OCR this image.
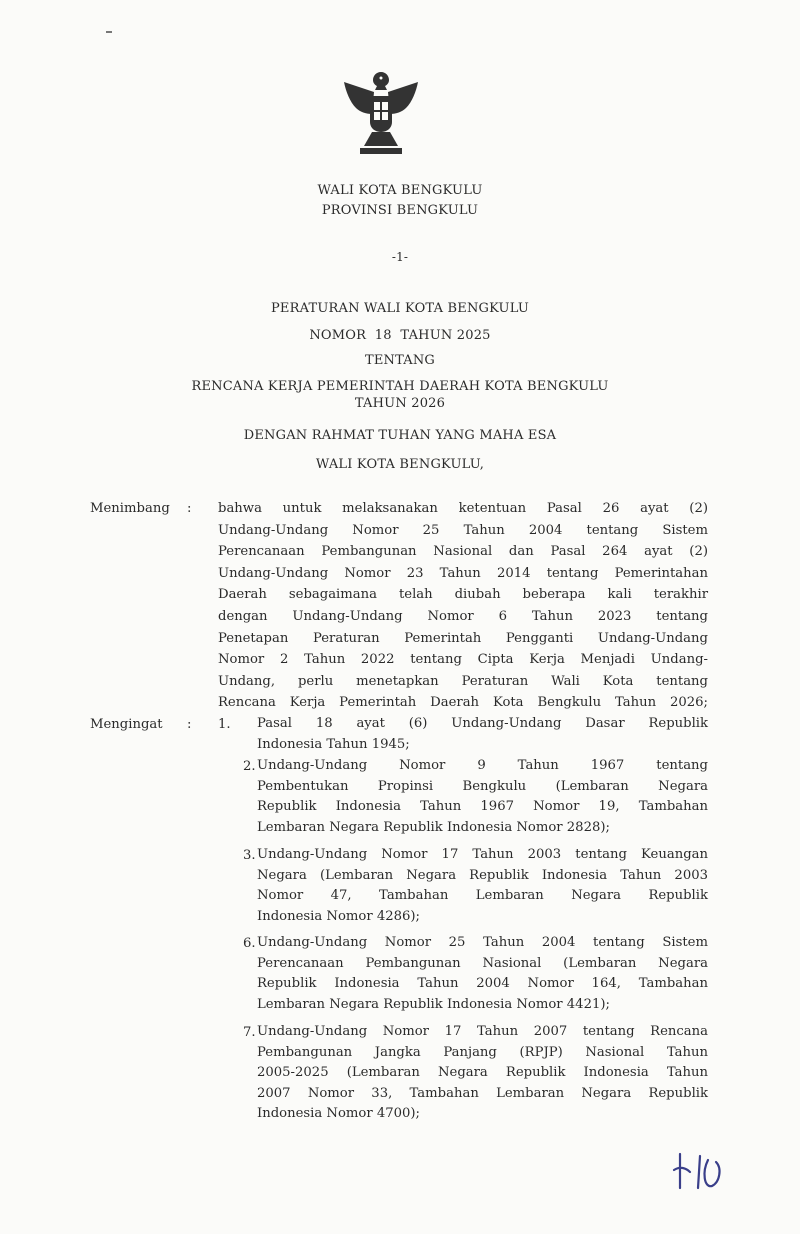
WALI KOTA BENGKULU
PROVINSI BENGKULU
-1-
PERATURAN WALI KOTA BENGKULU
NOMOR  18  TAHUN 2025
TENTANG
RENCANA KERJA PEMERINTAH DAERAH KOTA BENGKULU
TAHUN 2026
DENGAN RAHMAT TUHAN YANG MAHA ESA
WALI KOTA BENGKULU,
Menimbang : bahwa untuk melaksanakan ketentuan Pasal 26 ayat (2)
Undang-Undang Nomor 25 Tahun 2004 tentang Sistem
Perencanaan Pembangunan Nasional dan Pasal 264 ayat (2)
Undang-Undang Nomor 23 Tahun 2014 tentang Pemerintahan
Daerah sebagaimana telah diubah beberapa kali terakhir
dengan Undang-Undang Nomor 6 Tahun 2023 tentang
Penetapan Peraturan Pemerintah Pengganti Undang-Undang
Nomor 2 Tahun 2022 tentang Cipta Kerja Menjadi Undang-
Undang, perlu menetapkan Peraturan Wali Kota tentang
Rencana Kerja Pemerintah Daerah Kota Bengkulu Tahun 2026;
Mengingat : 1. Pasal 18 ayat (6) Undang-Undang Dasar Republik
Indonesia Tahun 1945;
2. Undang-Undang Nomor 9 Tahun 1967 tentang
Pembentukan Propinsi Bengkulu (Lembaran Negara
Republik Indonesia Tahun 1967 Nomor 19, Tambahan
Lembaran Negara Republik Indonesia Nomor 2828);
3. Undang-Undang Nomor 17 Tahun 2003 tentang Keuangan
Negara (Lembaran Negara Republik Indonesia Tahun 2003
Nomor 47, Tambahan Lembaran Negara Republik
Indonesia Nomor 4286);
6. Undang-Undang Nomor 25 Tahun 2004 tentang Sistem
Perencanaan Pembangunan Nasional (Lembaran Negara
Republik Indonesia Tahun 2004 Nomor 164, Tambahan
Lembaran Negara Republik Indonesia Nomor 4421);
7. Undang-Undang Nomor 17 Tahun 2007 tentang Rencana
Pembangunan Jangka Panjang (RPJP) Nasional Tahun
2005-2025 (Lembaran Negara Republik Indonesia Tahun
2007 Nomor 33, Tambahan Lembaran Negara Republik
Indonesia Nomor 4700);
